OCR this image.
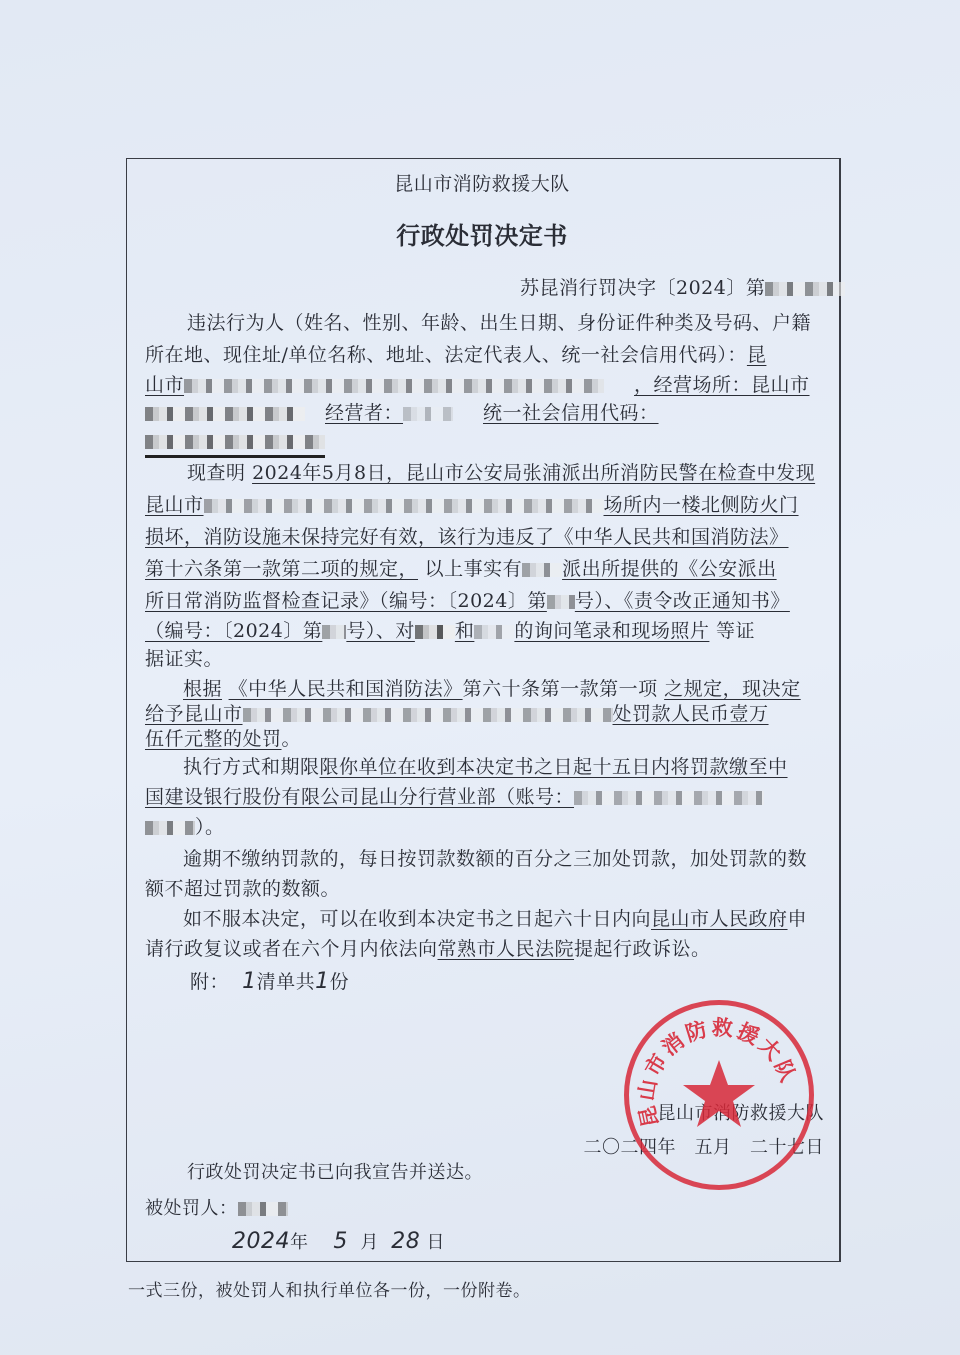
昆山市消防救援大队
行政处罚决定书
苏昆消行罚决字〔2024〕第
违法行为人（姓名、性别、年龄、出生日期、身份证件种类及号码、户籍
所在地、现住址/单位名称、地址、法定代表人、统一社会信用代码）：昆
山市	，经营场所：昆山市
经营者：	统一社会信用代码：
现查明 2024年5月8日，昆山市公安局张浦派出所消防民警在检查中发现
昆山市	场所内一楼北侧防火门
损坏，消防设施未保持完好有效，该行为违反了《中华人民共和国消防法》
第十六条第一款第二项的规定， 以上事实有 派出所提供的《公安派出
所日常消防监督检查记录》（编号：〔2024〕第 号）、《责令改正通知书》
（编号：〔2024〕第 号）、对 和 的询问笔录和现场照片 等证
据证实。
根据 《中华人民共和国消防法》第六十条第一款第一项 之规定，现决定
给予昆山市	处罚款人民币壹万
伍仟元整的处罚。
执行方式和期限限你单位在收到本决定书之日起十五日内将罚款缴至中
国建设银行股份有限公司昆山分行营业部（账号：
）。
逾期不缴纳罚款的，每日按罚款数额的百分之三加处罚款，加处罚款的数
额不超过罚款的数额。
如不服本决定，可以在收到本决定书之日起六十日内向昆山市人民政府申
请行政复议或者在六个月内依法向常熟市人民法院提起行政诉讼。
附： 1清单共1份
昆山市消防救援大队
二〇二四年　五月　二十七日
昆山市消防救援大队
行政处罚决定书已向我宣告并送达。
被处罚人：
2024年 5 月 28 日
一式三份，被处罚人和执行单位各一份，一份附卷。
